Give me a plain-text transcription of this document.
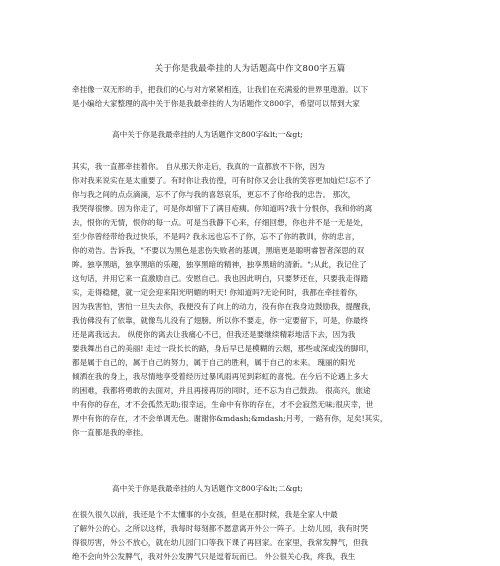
关于你是我最牵挂的人为话题高中作文800字五篇

牵挂像一双无形的手，把我们的心与对方紧紧相连，让我们在充满爱的世界里遨游。以下

是小编给大家整理的高中关于你是我最牵挂的人为话题作文800字，希望可以帮到大家

高中关于你是我最牵挂的人为话题作文800字&lt;一&gt;

其实，我一直都牵挂着你。 自从那天你走后，我真的一直都放不下你，因为

你对我来说实在是太重要了。有时你让我彷徨，可有时你又会让我的笑容更加灿烂!忘不了

你与我之间的点点滴滴，忘不了你与我的喜怒哀乐，更忘不了你给我的忠告。 那次，

我哭得很惨。因为你走了，可是你却留下了满目疮痍。你知道吗?我十分恨你，我和你的离

去，恨你的无情，恨你的每一点。可是当我静下心来，仔细回想，你也并不是一无是处，

至少你曾经带给我过快乐，不是吗? 我永远也忘不了你，忘不了你的教训，你的忠言，

你的劝告。告诉我，"不要以为黑色是悲伤失败者的基调，黑暗更是聪明睿智者深思的双

眸。独享黑暗，独享黑暗的乐趣，独享黑暗的精神，独享黑暗的清新。";从此，我记住了

这句话，并用它来一直激励自己。安慰自己。我也因此明白，只要梦还在，只要我走得踏

实，走得稳健，就一定会迎来阳光明媚的明天! 你知道吗?无论何时，我都在牵挂着你，

因为我害怕，害怕一旦失去你，我便没有了向上的动力，没有你在我身边鼓励我，提醒我，

我仿佛没有了依靠，就像鸟儿没有了翅膀。所以你不要走，你一定要留下，可是，你最终

还是离我远去。 纵使你的离去让我痛心不已，但我还是要继续精彩地活下去，因为我

要我舞出自己的美丽! 走过一段长长的路，身后早已是模糊的云烟，那些或深或浅的脚印，

都是属于自己的，属于自己的努力，属于自己的胜利，属于自己的未来。 瑰丽的阳光

倾洒在我的身上，我尽情地享受着经历过暴风雨再见到彩虹的喜悦。在今后不论遇上多大

的困难，我都将勇敢的去面对，并且再接再厉的同时，还不忘为自己鼓劲。 很高兴，旅途

中有你的存在，才不会孤然无助;很幸运，生命中有你的存在，才不会寂然无味;很庆幸，世

界中有你的存在，才不会单调无色。谢谢你&mdash;&mdash;月考，一路有你，足矣!其实，

你一直都是我的牵挂。

高中关于你是我最牵挂的人为话题作文800字&lt;二&gt;

在很久很久以前，我还是个不太懂事的小女孩，但是在那时候，我是全家人中最

了解外公的心。之所以这样，我每时每刻都不愿意离开外公一阵子。上幼儿园，我有时哭

得很厉害，外公不放心，就在幼儿园门口等我下课了再回家。在家里，我常发脾气，但我

绝不会向外公发脾气，我对外公发脾气只是逗着玩而已。 外公很关心我，疼我，我生
